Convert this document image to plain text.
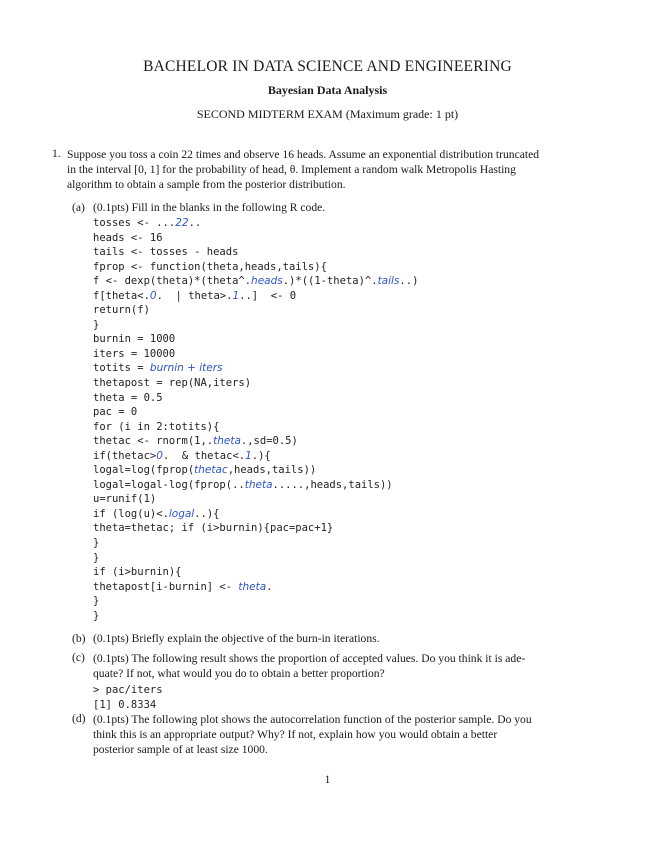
BACHELOR IN DATA SCIENCE AND ENGINEERING
Bayesian Data Analysis
SECOND MIDTERM EXAM (Maximum grade: 1 pt)
1. Suppose you toss a coin 22 times and observe 16 heads. Assume an exponential distribution truncated
in the interval [0, 1] for the probability of head, θ. Implement a random walk Metropolis Hasting
algorithm to obtain a sample from the posterior distribution.
(a) (0.1pts) Fill in the blanks in the following R code.
tosses <- ...22..
heads <- 16
tails <- tosses - heads
fprop <- function(theta,heads,tails){
f <- dexp(theta)*(theta^.heads.)*((1-theta)^.tails..)
f[theta<.0.  | theta>.1..]  <- 0
return(f)
}
burnin = 1000
iters = 10000
totits = burnin + iters
thetapost = rep(NA,iters)
theta = 0.5
pac = 0
for (i in 2:totits){
thetac <- rnorm(1,.theta.,sd=0.5)
if(thetac>0.  & thetac<.1.){
logal=log(fprop(thetac,heads,tails))
logal=logal-log(fprop(..theta.....,heads,tails))
u=runif(1)
if (log(u)<.logal..){
theta=thetac; if (i>burnin){pac=pac+1}
}
}
if (i>burnin){
thetapost[i-burnin] <- theta.
}
}
(b) (0.1pts) Briefly explain the objective of the burn-in iterations.
(c) (0.1pts) The following result shows the proportion of accepted values. Do you think it is ade-
quate? If not, what would you do to obtain a better proportion?
> pac/iters
[1] 0.8334
(d) (0.1pts) The following plot shows the autocorrelation function of the posterior sample. Do you
think this is an appropriate output? Why? If not, explain how you would obtain a better
posterior sample of at least size 1000.
1
